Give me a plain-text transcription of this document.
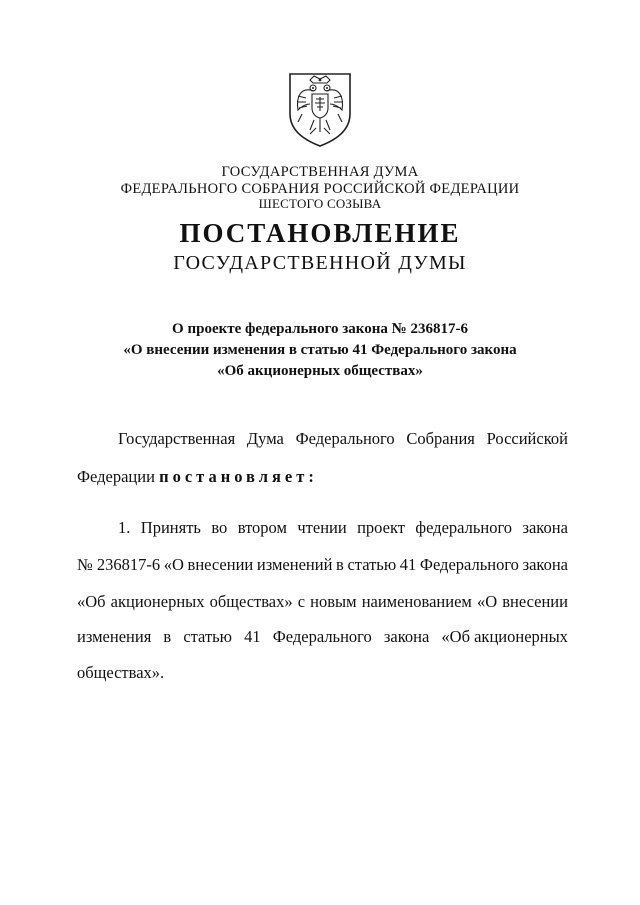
ГОСУДАРСТВЕННАЯ ДУМА
ФЕДЕРАЛЬНОГО СОБРАНИЯ РОССИЙСКОЙ ФЕДЕРАЦИИ
ШЕСТОГО СОЗЫВА
ПОСТАНОВЛЕНИЕ
ГОСУДАРСТВЕННОЙ ДУМЫ
О проекте федерального закона № 236817-6
«О внесении изменения в статью 41 Федерального закона
«Об акционерных обществах»
Государственная Дума Федерального Собрания Российской
Федерации постановляет:
1. Принять во втором чтении проект федерального закона
№ 236817-6 «О внесении изменений в статью 41 Федерального закона
«Об акционерных обществах» с новым наименованием «О внесении
изменения в статью 41 Федерального закона «Об акционерных
обществах».
